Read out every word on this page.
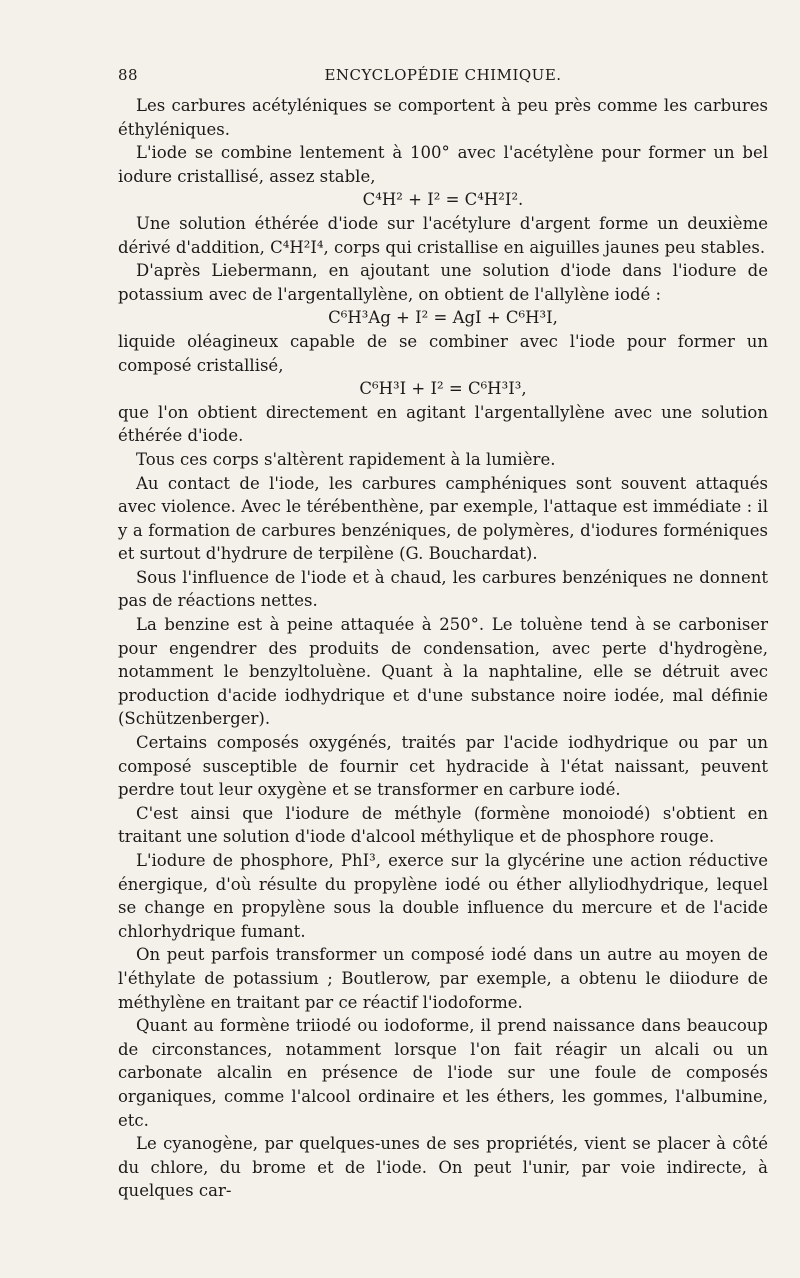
88	ENCYCLOPÉDIE CHIMIQUE.

Les carbures acétyléniques se comportent à peu près comme les carbures éthyléniques.

L'iode se combine lentement à 100° avec l'acétylène pour former un bel iodure cristallisé, assez stable,

C⁴H² + I² = C⁴H²I².

Une solution éthérée d'iode sur l'acétylure d'argent forme un deuxième dérivé d'addition, C⁴H²I⁴, corps qui cristallise en aiguilles jaunes peu stables.

D'après Liebermann, en ajoutant une solution d'iode dans l'iodure de potassium avec de l'argentallylène, on obtient de l'allylène iodé :

C⁶H³Ag + I² = AgI + C⁶H³I,

liquide oléagineux capable de se combiner avec l'iode pour former un composé cristallisé,

C⁶H³I + I² = C⁶H³I³,

que l'on obtient directement en agitant l'argentallylène avec une solution éthérée d'iode.

Tous ces corps s'altèrent rapidement à la lumière.

Au contact de l'iode, les carbures camphéniques sont souvent attaqués avec violence. Avec le térébenthène, par exemple, l'attaque est immédiate : il y a formation de carbures benzéniques, de polymères, d'iodures forméniques et surtout d'hydrure de terpilène (G. Bouchardat).

Sous l'influence de l'iode et à chaud, les carbures benzéniques ne donnent pas de réactions nettes.

La benzine est à peine attaquée à 250°. Le toluène tend à se carboniser pour engendrer des produits de condensation, avec perte d'hydrogène, notamment le benzyltoluène. Quant à la naphtaline, elle se détruit avec production d'acide iodhydrique et d'une substance noire iodée, mal définie (Schützenberger).

Certains composés oxygénés, traités par l'acide iodhydrique ou par un composé susceptible de fournir cet hydracide à l'état naissant, peuvent perdre tout leur oxygène et se transformer en carbure iodé.

C'est ainsi que l'iodure de méthyle (formène monoiodé) s'obtient en traitant une solution d'iode d'alcool méthylique et de phosphore rouge.

L'iodure de phosphore, PhI³, exerce sur la glycérine une action réductive énergique, d'où résulte du propylène iodé ou éther allyliodhydrique, lequel se change en propylène sous la double influence du mercure et de l'acide chlorhydrique fumant.

On peut parfois transformer un composé iodé dans un autre au moyen de l'éthylate de potassium ; Boutlerow, par exemple, a obtenu le diiodure de méthylène en traitant par ce réactif l'iodoforme.

Quant au formène triiodé ou iodoforme, il prend naissance dans beaucoup de circonstances, notamment lorsque l'on fait réagir un alcali ou un carbonate alcalin en présence de l'iode sur une foule de composés organiques, comme l'alcool ordinaire et les éthers, les gommes, l'albumine, etc.

Le cyanogène, par quelques-unes de ses propriétés, vient se placer à côté du chlore, du brome et de l'iode. On peut l'unir, par voie indirecte, à quelques car-
